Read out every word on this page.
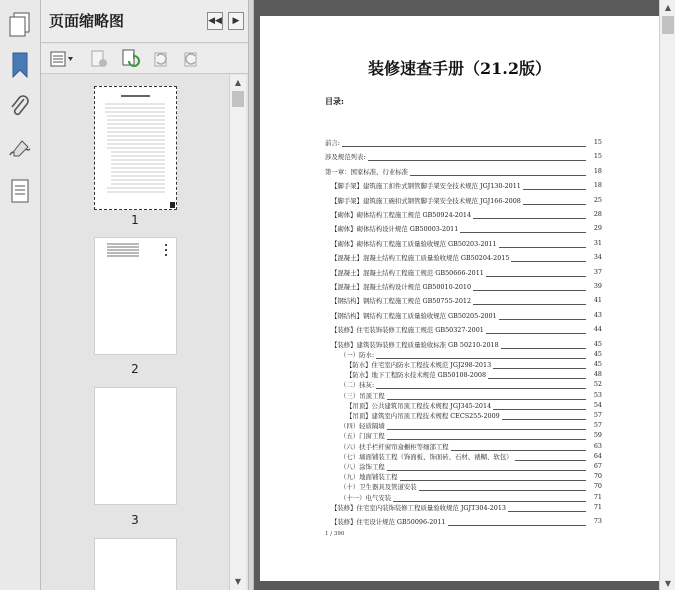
页面缩略图	◀◀	▶
1
2
3
▲
▼
装修速查手册（21.2版）
目录:
前言:	15
涉及规范列表:	15
第一章：国家标准、行业标准	18
【脚手架】建筑施工扣件式钢管脚手架安全技术规范 JGJ130-2011	18
【脚手架】建筑施工碗扣式钢管脚手架安全技术规范 JGJ166-2008	25
【砌体】砌体结构工程施工规范 GB50924-2014	28
【砌体】砌体结构设计规范 GB50003-2011	29
【砌体】砌体结构工程施工质量验收规范 GB50203-2011	31
【混凝土】混凝土结构工程施工质量验收规范 GB50204-2015	34
【混凝土】混凝土结构工程施工规范 GB50666-2011	37
【混凝土】混凝土结构设计规范 GB50010-2010	39
【钢结构】钢结构工程施工规范 GB50755-2012	41
【钢结构】钢结构工程施工质量验收规范 GB50205-2001	43
【装修】住宅装饰装修工程施工规范 GB50327-2001	44
【装修】建筑装饰装修工程质量验收标准 GB 50210-2018	45
（一）防水:	45
【防水】住宅室内防水工程技术规范 JGJ298-2013	45
【防水】地下工程防水技术规范 GB50108-2008	48
（二）抹灰:	52
（三）吊顶工程	53
【吊顶】公共建筑吊顶工程技术规程 JGJ345-2014	54
【吊顶】建筑室内吊顶工程技术规程 CECS255-2009	57
（四）轻质隔墙	57
（五）门窗工程	59
（六）扶手栏杆窗帘盒橱柜等细部工程	63
（七）墙面铺装工程（饰面板、饰面砖、石材、裱糊、软包）	64
（八）涂饰工程	67
（九）地面铺装工程	70
（十）卫生器具及管道安装	70
（十一）电气安装	71
【装修】住宅室内装饰装修工程质量验收规范 JGJT304-2013	71
【装修】住宅设计规范 GB50096-2011	73
1 / 390
▲
▼
